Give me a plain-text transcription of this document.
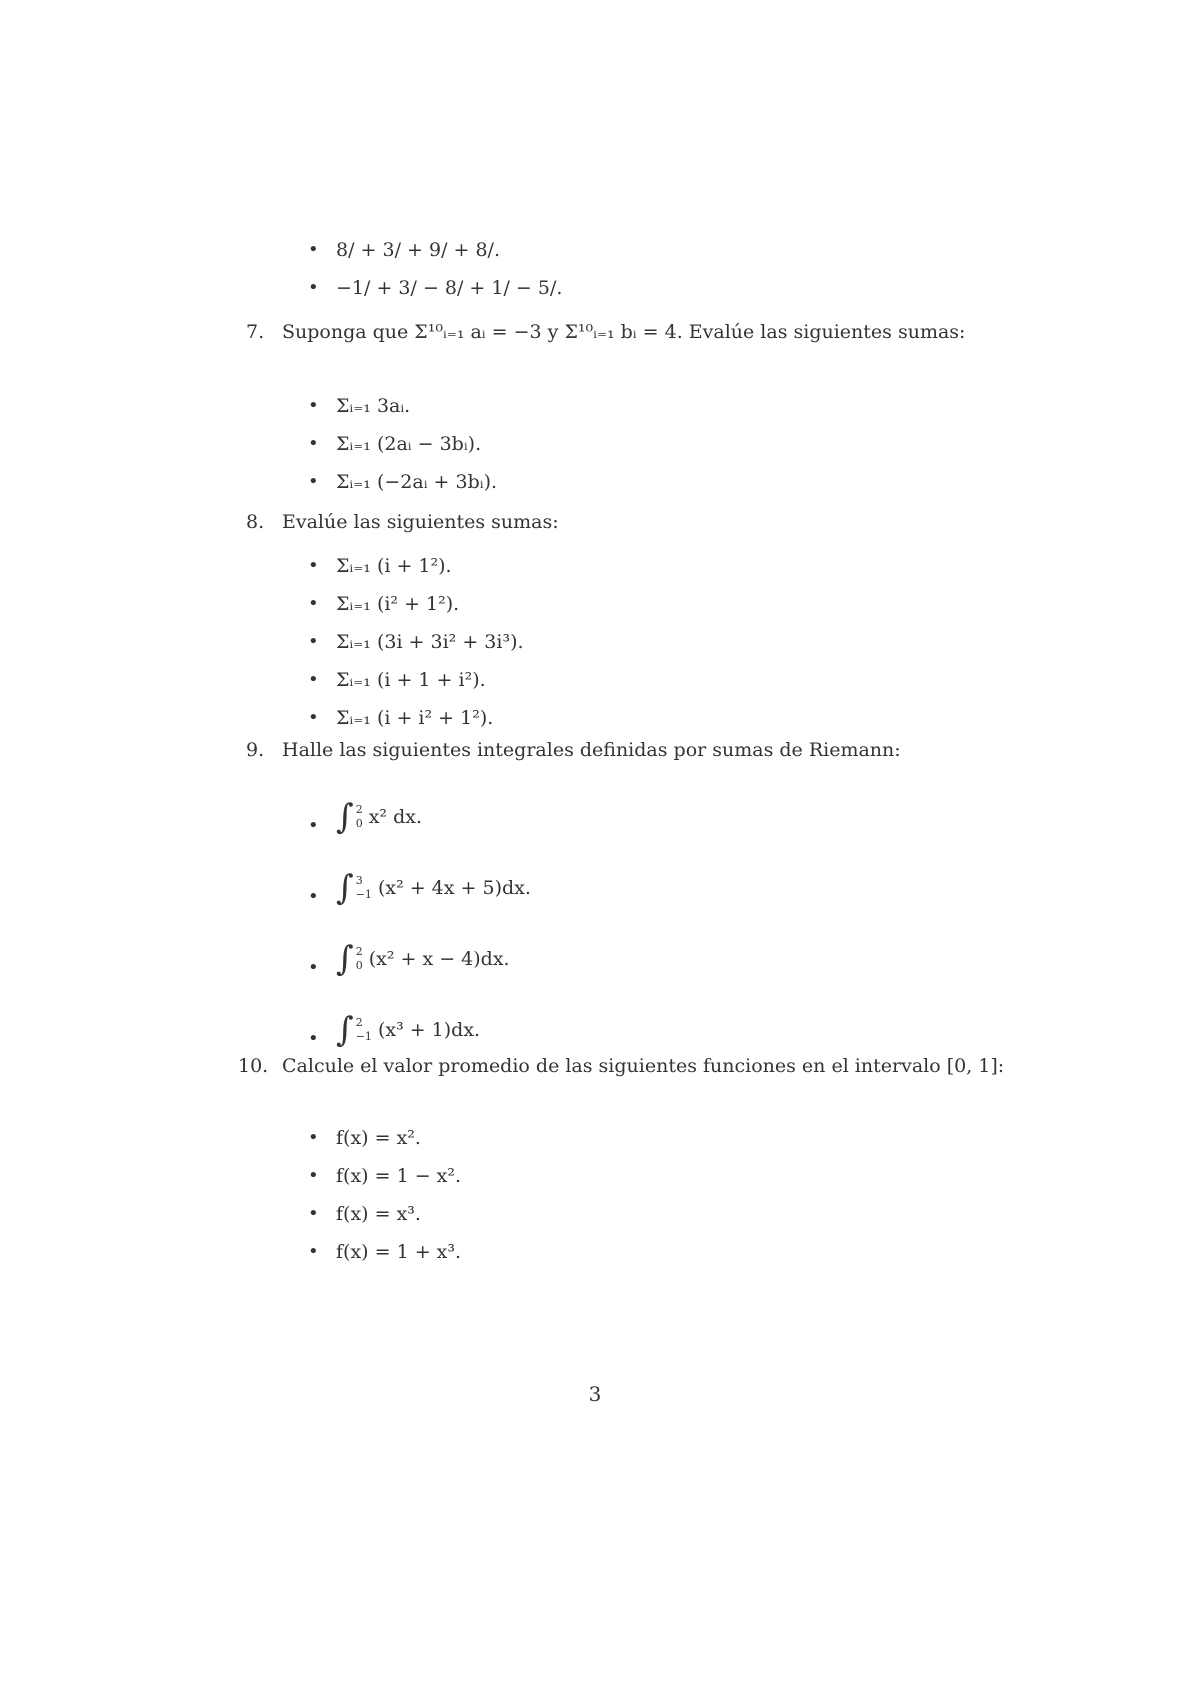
• 8/ + 3/ + 9/ + 8/.
• −1/ + 3/ − 8/ + 1/ − 5/.
7. Suponga que Σ¹⁰ᵢ₌₁ aᵢ = −3 y Σ¹⁰ᵢ₌₁ bᵢ = 4. Evalúe las siguientes sumas:
• Σᵢ₌₁ 3aᵢ.
• Σᵢ₌₁ (2aᵢ − 3bᵢ).
• Σᵢ₌₁ (−2aᵢ + 3bᵢ).
8. Evalúe las siguientes sumas:
• Σᵢ₌₁ (i + 1²).
• Σᵢ₌₁ (i² + 1²).
• Σᵢ₌₁ (3i + 3i² + 3i³).
• Σᵢ₌₁ (i + 1 + i²).
• Σᵢ₌₁ (i + i² + 1²).
9. Halle las siguientes integrales definidas por sumas de Riemann:
• ∫ 2
0 x² dx.
• ∫ 3
−1 (x² + 4x + 5)dx.
• ∫ 2
0 (x² + x − 4)dx.
• ∫ 2
−1 (x³ + 1)dx.
10. Calcule el valor promedio de las siguientes funciones en el intervalo [0, 1]:
• f(x) = x².
• f(x) = 1 − x².
• f(x) = x³.
• f(x) = 1 + x³.
3
